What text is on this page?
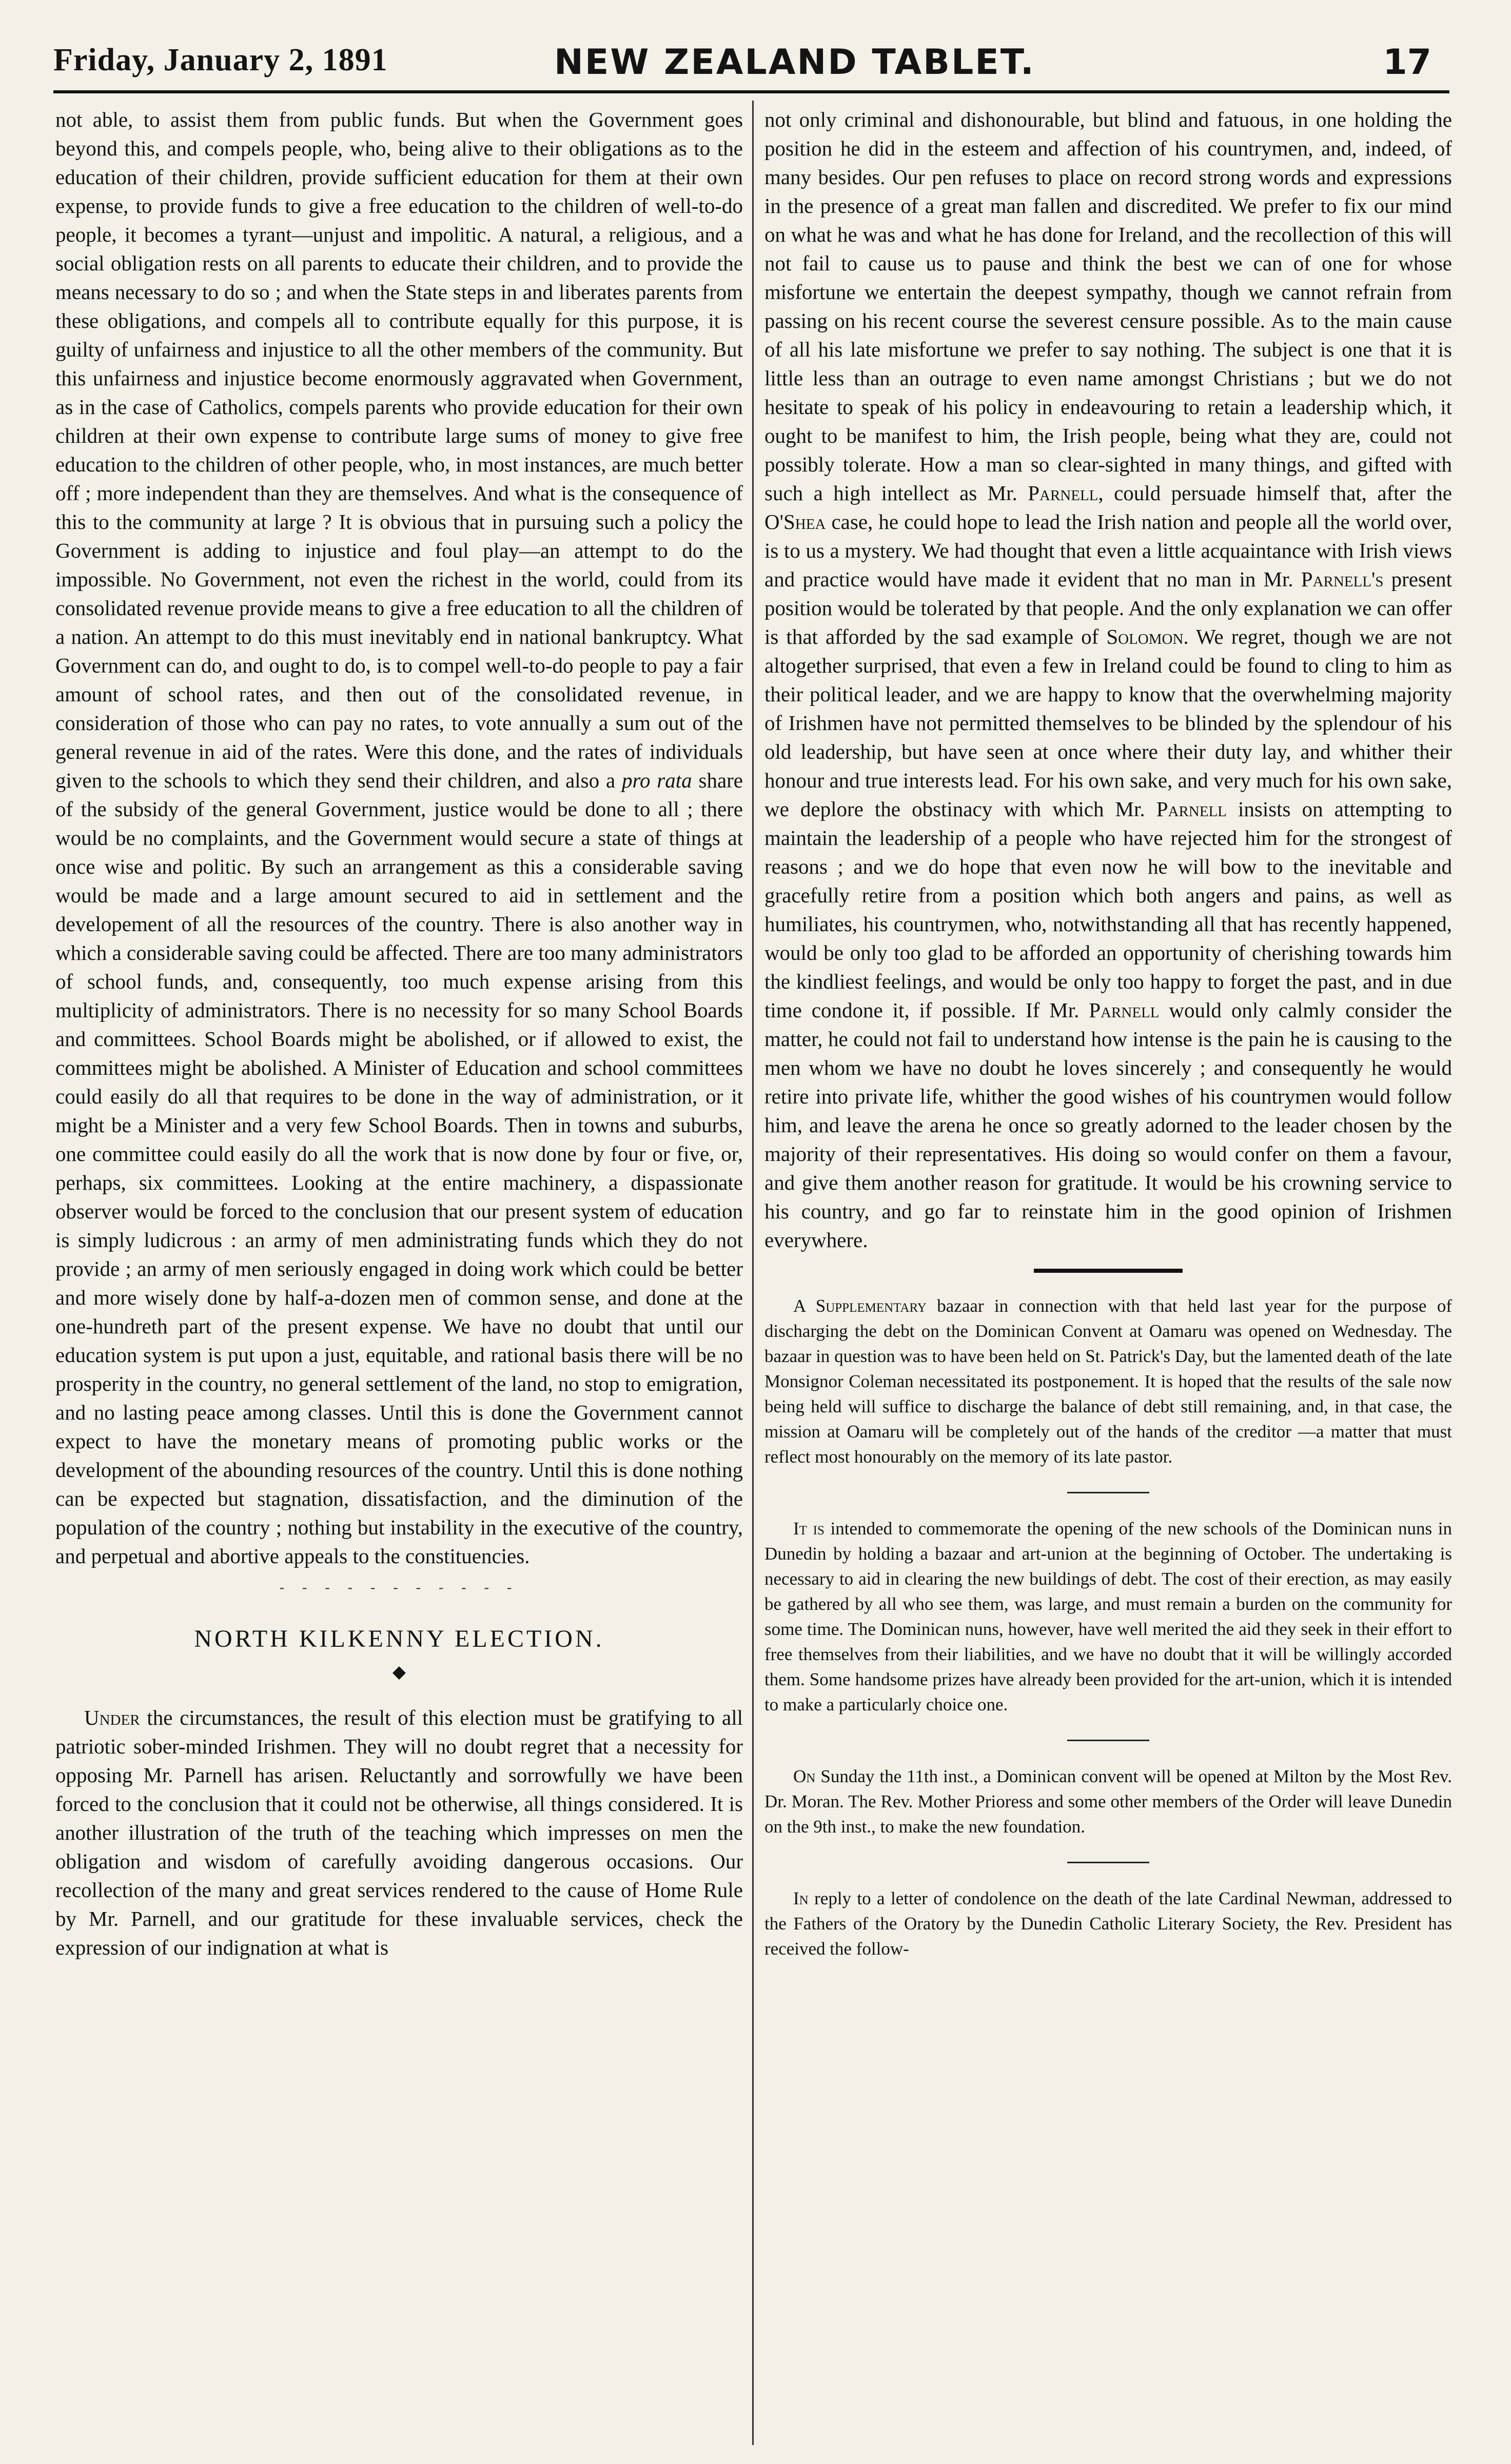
Friday, January 2, 1891	NEW ZEALAND TABLET.	17

not able, to assist them from public funds. But when the Government goes beyond this, and compels people, who, being alive to their obligations as to the education of their children, provide sufficient education for them at their own expense, to provide funds to give a free education to the children of well-to-do people, it becomes a tyrant—unjust and impolitic. A natural, a religious, and a social obligation rests on all parents to educate their children, and to provide the means necessary to do so ; and when the State steps in and liberates parents from these obligations, and compels all to contribute equally for this purpose, it is guilty of unfairness and injustice to all the other members of the community. But this unfairness and injustice become enormously aggravated when Government, as in the case of Catholics, compels parents who provide education for their own children at their own expense to contribute large sums of money to give free education to the children of other people, who, in most instances, are much better off ; more independent than they are themselves. And what is the consequence of this to the community at large ? It is obvious that in pursuing such a policy the Government is adding to injustice and foul play—an attempt to do the impossible. No Government, not even the richest in the world, could from its consolidated revenue provide means to give a free education to all the children of a nation. An attempt to do this must inevitably end in national bankruptcy. What Government can do, and ought to do, is to compel well-to-do people to pay a fair amount of school rates, and then out of the consolidated revenue, in consideration of those who can pay no rates, to vote annually a sum out of the general revenue in aid of the rates. Were this done, and the rates of individuals given to the schools to which they send their children, and also a pro rata share of the subsidy of the general Government, justice would be done to all ; there would be no complaints, and the Government would secure a state of things at once wise and politic. By such an arrangement as this a considerable saving would be made and a large amount secured to aid in settlement and the developement of all the resources of the country. There is also another way in which a considerable saving could be affected. There are too many administrators of school funds, and, consequently, too much expense arising from this multiplicity of administrators. There is no necessity for so many School Boards and committees. School Boards might be abolished, or if allowed to exist, the committees might be abolished. A Minister of Education and school committees could easily do all that requires to be done in the way of administration, or it might be a Minister and a very few School Boards. Then in towns and suburbs, one committee could easily do all the work that is now done by four or five, or, perhaps, six committees. Looking at the entire machinery, a dispassionate observer would be forced to the conclusion that our present system of education is simply ludicrous : an army of men administrating funds which they do not provide ; an army of men seriously engaged in doing work which could be better and more wisely done by half-a-dozen men of common sense, and done at the one-hundreth part of the present expense. We have no doubt that until our education system is put upon a just, equitable, and rational basis there will be no prosperity in the country, no general settlement of the land, no stop to emigration, and no lasting peace among classes. Until this is done the Government cannot expect to have the monetary means of promoting public works or the development of the abounding resources of the country. Until this is done nothing can be expected but stagnation, dissatisfaction, and the diminution of the population of the country ; nothing but instability in the executive of the country, and perpetual and abortive appeals to the constituencies.

- - - - - - - - - - -
NORTH KILKENNY ELECTION.
◆

Under the circumstances, the result of this election must be gratifying to all patriotic sober-minded Irishmen. They will no doubt regret that a necessity for opposing Mr. Parnell has arisen. Reluctantly and sorrowfully we have been forced to the conclusion that it could not be otherwise, all things considered. It is another illustration of the truth of the teaching which impresses on men the obligation and wisdom of carefully avoiding dangerous occasions. Our recollection of the many and great services rendered to the cause of Home Rule by Mr. Parnell, and our gratitude for these invaluable services, check the expression of our indignation at what is

not only criminal and dishonourable, but blind and fatuous, in one holding the position he did in the esteem and affection of his countrymen, and, indeed, of many besides. Our pen refuses to place on record strong words and expressions in the presence of a great man fallen and discredited. We prefer to fix our mind on what he was and what he has done for Ireland, and the recollection of this will not fail to cause us to pause and think the best we can of one for whose misfortune we entertain the deepest sympathy, though we cannot refrain from passing on his recent course the severest censure possible. As to the main cause of all his late misfortune we prefer to say nothing. The subject is one that it is little less than an outrage to even name amongst Christians ; but we do not hesitate to speak of his policy in endeavouring to retain a leadership which, it ought to be manifest to him, the Irish people, being what they are, could not possibly tolerate. How a man so clear-sighted in many things, and gifted with such a high intellect as Mr. Parnell, could persuade himself that, after the O'Shea case, he could hope to lead the Irish nation and people all the world over, is to us a mystery. We had thought that even a little acquaintance with Irish views and practice would have made it evident that no man in Mr. Parnell's present position would be tolerated by that people. And the only explanation we can offer is that afforded by the sad example of Solomon. We regret, though we are not altogether surprised, that even a few in Ireland could be found to cling to him as their political leader, and we are happy to know that the overwhelming majority of Irishmen have not permitted themselves to be blinded by the splendour of his old leadership, but have seen at once where their duty lay, and whither their honour and true interests lead. For his own sake, and very much for his own sake, we deplore the obstinacy with which Mr. Parnell insists on attempting to maintain the leadership of a people who have rejected him for the strongest of reasons ; and we do hope that even now he will bow to the inevitable and gracefully retire from a position which both angers and pains, as well as humiliates, his countrymen, who, notwithstanding all that has recently happened, would be only too glad to be afforded an opportunity of cherishing towards him the kindliest feelings, and would be only too happy to forget the past, and in due time condone it, if possible. If Mr. Parnell would only calmly consider the matter, he could not fail to understand how intense is the pain he is causing to the men whom we have no doubt he loves sincerely ; and consequently he would retire into private life, whither the good wishes of his countrymen would follow him, and leave the arena he once so greatly adorned to the leader chosen by the majority of their representatives. His doing so would confer on them a favour, and give them another reason for gratitude. It would be his crowning service to his country, and go far to reinstate him in the good opinion of Irishmen everywhere.

A Supplementary bazaar in connection with that held last year for the purpose of discharging the debt on the Dominican Convent at Oamaru was opened on Wednesday. The bazaar in question was to have been held on St. Patrick's Day, but the lamented death of the late Monsignor Coleman necessitated its postponement. It is hoped that the results of the sale now being held will suffice to discharge the balance of debt still remaining, and, in that case, the mission at Oamaru will be completely out of the hands of the creditor —a matter that must reflect most honourably on the memory of its late pastor.

It is intended to commemorate the opening of the new schools of the Dominican nuns in Dunedin by holding a bazaar and art-union at the beginning of October. The undertaking is necessary to aid in clearing the new buildings of debt. The cost of their erection, as may easily be gathered by all who see them, was large, and must remain a burden on the community for some time. The Dominican nuns, however, have well merited the aid they seek in their effort to free themselves from their liabilities, and we have no doubt that it will be willingly accorded them. Some handsome prizes have already been provided for the art-union, which it is intended to make a particularly choice one.

On Sunday the 11th inst., a Dominican convent will be opened at Milton by the Most Rev. Dr. Moran. The Rev. Mother Prioress and some other members of the Order will leave Dunedin on the 9th inst., to make the new foundation.

In reply to a letter of condolence on the death of the late Cardinal Newman, addressed to the Fathers of the Oratory by the Dunedin Catholic Literary Society, the Rev. President has received the follow-
